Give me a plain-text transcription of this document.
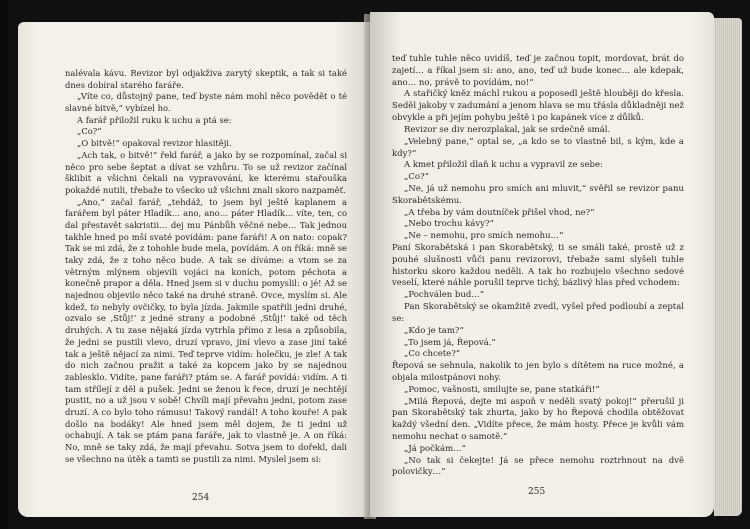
nalévala kávu. Revizor byl odjakživa zarytý skeptik, a tak si také dnes dobíral starého faráře.

„Víte co, důstojný pane, teď byste nám mohl něco povědět o té slavné bitvě,“ vybízel ho.

A farář přiložil ruku k uchu a ptá se:

„Co?“

„O bitvě!“ opakoval revizor hlasitěji.

„Ach tak, o bitvě!“ řekl farář, a jako by se rozpomínal, začal si něco pro sebe šeptat a dívat se vzhůru. To se už revizor začínal šklibit a všichni čekali na vypravování, ke kterému stařouška pokaždé nutili, třebaže to všecko už všichni znali skoro nazpaměť.

„Ano,“ začal farář, „tehdáž, to jsem byl ještě kaplanem a farářem byl páter Hladík… ano, ano… páter Hladík… víte, ten, co dal přestavět sakristii… dej mu Pánbůh věčné nebe… Tak jednou takhle hned po mší svaté povídám: pane faráři! A on nato: copak? Tak se mi zdá, že z tohohle bude mela, povídám. A on říká: mně se taky zdá, že z toho něco bude. A tak se díváme: a vtom se za větrným mlýnem objevili vojáci na koních, potom pěchota a konečně prapor a děla. Hned jsem si v duchu pomyslil: o jé! Až se najednou objevilo něco také na druhé straně. Ovce, myslím si. Ale kdež, to nebyly ovčičky, to byla jízda. Jakmile spatřili jedni druhé, ozvalo se ‚Stůj!‘ z jedné strany a podobné ‚Stůj!‘ také od těch druhých. A tu zase nějaká jízda vytrhla přímo z lesa a způsobila, že jedni se pustili vlevo, druzí vpravo, jiní vlevo a zase jiní také tak a ještě nějací za nimi. Teď teprve vidím: holečku, je zle! A tak do nich začnou pražit a také za kopcem jako by se najednou zablesklo. Vidíte, pane faráři? ptám se. A farář povídá: vidím. A ti tam střílejí z děl a pušek. Jedni se ženou k řece, druzí je nechtějí pustit, no a už jsou v sobě! Chvíli mají převahu jedni, potom zase druzí. A co bylo toho rámusu! Takový randál! A toho kouře! A pak došlo na bodáky! Ale hned jsem měl dojem, že ti jedni už ochabují. A tak se ptám pana faráře, jak to vlastně je. A on říká: No, mně se taky zdá, že mají převahu. Sotva jsem to dořekl, dali se všechno na útěk a tamti se pustili za nimi. Myslel jsem si:

254

teď tuhle tuhle něco uvidíš, teď je začnou topit, mordovat, brát do zajetí… a říkal jsem si: ano, ano, teď už bude konec… ale kdepak, ano… no, právě to povídám, no!“

A stařičký kněz máchl rukou a poposedl ještě hlouběji do křesla. Seděl jakoby v zadumání a jenom hlava se mu třásla důkladněji než obvykle a při jejím pohybu ještě i po kapánek více z důlků.

Revizor se div nerozplakal, jak se srdečně smál.

„Velebný pane,“ optal se, „a kdo se to vlastně bil, s kým, kde a kdy?“

A kmet přiložil dlaň k uchu a vypravil ze sebe:

„Co?“

„Ne, já už nemohu pro smích ani mluvit,“ svěřil se revizor panu Skorabětskému.

„A třeba by vám doutníček přišel vhod, ne?“

„Nebo trochu kávy?“

„Ne – nemohu, pro smích nemohu…“

Paní Skorabětská i pan Skorabětský, ti se smáli také, prostě už z pouhé slušnosti vůči panu revizorovi, třebaže sami slyšeli tuhle historku skoro každou neděli. A tak ho rozbujelo všechno sedové veselí, které náhle porušil teprve tichý, bázlivý hlas před vchodem:

„Pochválen bud…“

Pan Skorabětský se okamžitě zvedl, vyšel před podloubí a zeptal se:

„Kdo je tam?“

„To jsem já, Řepová.“

„Co chcete?“

Řepová se sehnula, nakolik to jen bylo s dítětem na ruce možné, a objala milostpánovi nohy.

„Pomoc, vašnosti, smilujte se, pane statkáři!“

„Milá Řepová, dejte mi aspoň v neděli svatý pokoj!“ přerušil ji pan Skorabětský tak zhurta, jako by ho Řepová chodila obtěžovat každý všední den. „Vidíte přece, že mám hosty. Přece je kvůli vám nemohu nechat o samotě.“

„Já počkám…“

„No tak si čekejte! Já se přece nemohu roztrhnout na dvě polovičky…“

255
